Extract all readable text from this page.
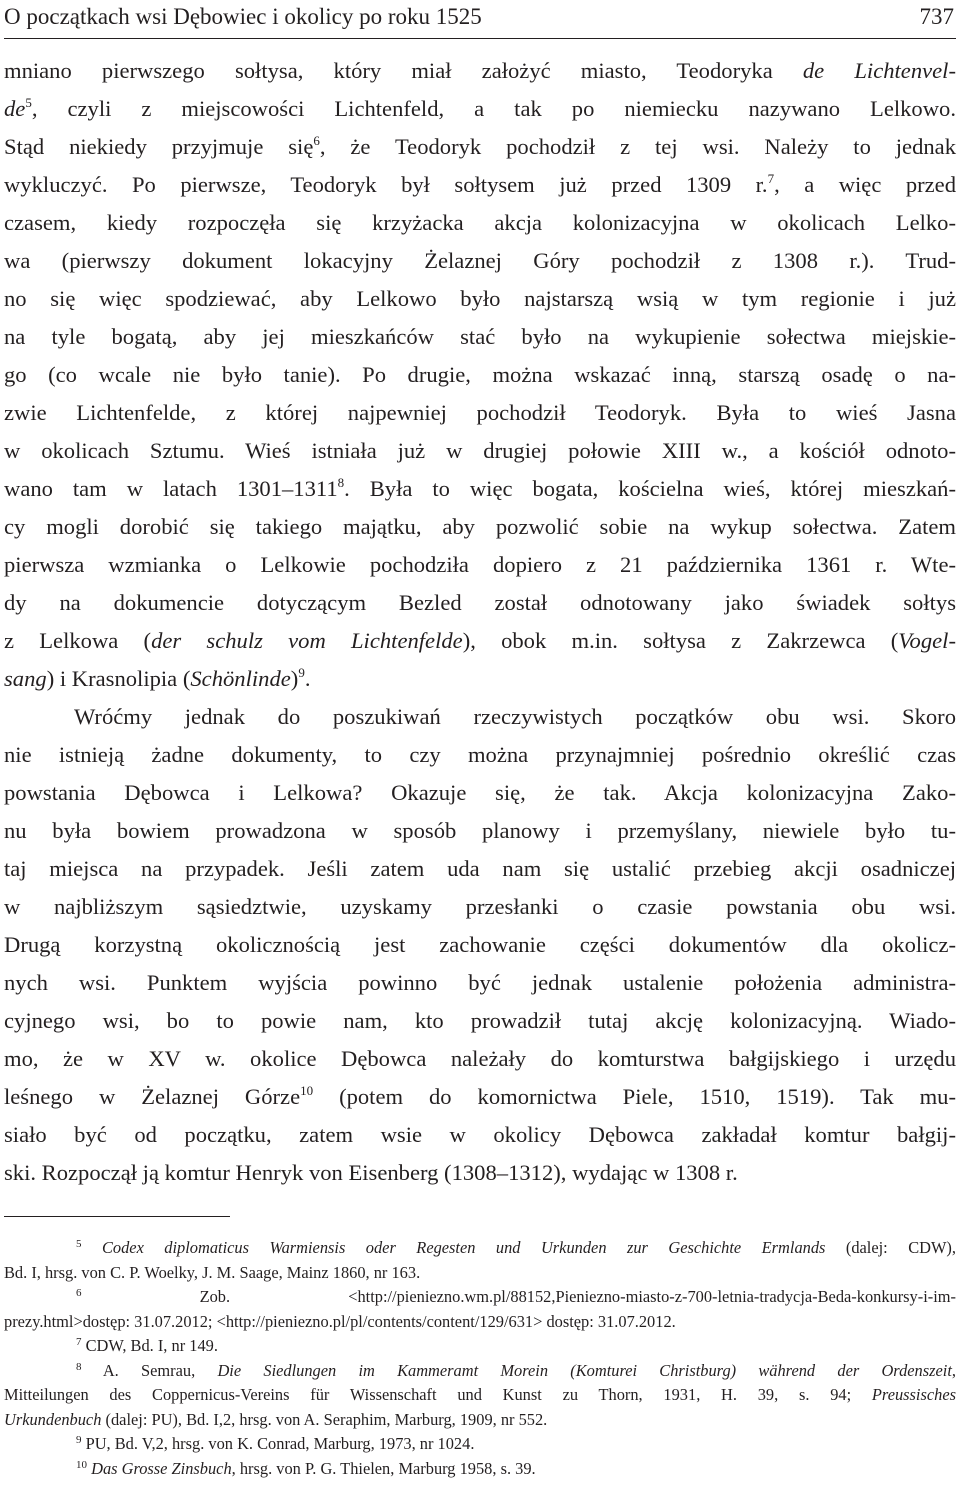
O początkach wsi Dębowiec i okolicy po roku 1525	737
mniano pierwszego sołtysa, który miał założyć miasto, Teodoryka de Lichtenvel-
$de^5$, czyli z miejscowości Lichtenfeld, a tak po niemiecku nazywano Lelkowo.
Stąd niekiedy przyjmuje się$^6$, że Teodoryk pochodził z tej wsi. Należy to jednak
wykluczyć. Po pierwsze, Teodoryk był sołtysem już przed 1309 r.$^7$, a więc przed
czasem, kiedy rozpoczęła się krzyżacka akcja kolonizacyjna w okolicach Lelko-
wa (pierwszy dokument lokacyjny Żelaznej Góry pochodził z 1308 r.). Trud-
no się więc spodziewać, aby Lelkowo było najstarszą wsią w tym regionie i już
na tyle bogatą, aby jej mieszkańców stać było na wykupienie sołectwa miejskie-
go (co wcale nie było tanie). Po drugie, można wskazać inną, starszą osadę o na-
zwie Lichtenfelde, z której najpewniej pochodził Teodoryk. Była to wieś Jasna
w okolicach Sztumu. Wieś istniała już w drugiej połowie XIII w., a kościół odnoto-
wano tam w latach 1301–1311$^8$. Była to więc bogata, kościelna wieś, której mieszkań-
cy mogli dorobić się takiego majątku, aby pozwolić sobie na wykup sołectwa. Zatem
pierwsza wzmianka o Lelkowie pochodziła dopiero z 21 października 1361 r. Wte-
dy na dokumencie dotyczącym Bezled został odnotowany jako świadek sołtys
z Lelkowa (der schulz vom Lichtenfelde), obok m.in. sołtysa z Zakrzewca (Vogel-
sang) i Krasnolipia (Schönlinde)$^9$.
Wróćmy jednak do poszukiwań rzeczywistych początków obu wsi. Skoro
nie istnieją żadne dokumenty, to czy można przynajmniej pośrednio określić czas
powstania Dębowca i Lelkowa? Okazuje się, że tak. Akcja kolonizacyjna Zako-
nu była bowiem prowadzona w sposób planowy i przemyślany, niewiele było tu-
taj miejsca na przypadek. Jeśli zatem uda nam się ustalić przebieg akcji osadniczej
w najbliższym sąsiedztwie, uzyskamy przesłanki o czasie powstania obu wsi.
Drugą korzystną okolicznością jest zachowanie części dokumentów dla okolicz-
nych wsi. Punktem wyjścia powinno być jednak ustalenie położenia administra-
cyjnego wsi, bo to powie nam, kto prowadził tutaj akcję kolonizacyjną. Wiado-
mo, że w XV w. okolice Dębowca należały do komturstwa bałgijskiego i urzędu
leśnego w Żelaznej Górze$^{10}$ (potem do komornictwa Piele, 1510, 1519). Tak mu-
siało być od początku, zatem wsie w okolicy Dębowca zakładał komtur bałgij-
ski. Rozpoczął ją komtur Henryk von Eisenberg (1308–1312), wydając w 1308 r.
$^5$ Codex diplomaticus Warmiensis oder Regesten und Urkunden zur Geschichte Ermlands (dalej: CDW),
Bd. I, hrsg. von C. P. Woelky, J. M. Saage, Mainz 1860, nr 163.
$^6$ Zob. <http://pieniezno.wm.pl/88152,Pieniezno-miasto-z-700-letnia-tradycja-Beda-konkursy-i-im-
prezy.html>dostęp: 31.07.2012; <http://pieniezno.pl/pl/contents/content/129/631> dostęp: 31.07.2012.
$^7$ CDW, Bd. I, nr 149.
$^8$ A. Semrau, Die Siedlungen im Kammeramt Morein (Komturei Christburg) während der Ordenszeit,
Mitteilungen des Coppernicus-Vereins für Wissenschaft und Kunst zu Thorn, 1931, H. 39, s. 94; Preussisches
Urkundenbuch (dalej: PU), Bd. I,2, hrsg. von A. Seraphim, Marburg, 1909, nr 552.
$^9$ PU, Bd. V,2, hrsg. von K. Conrad, Marburg, 1973, nr 1024.
$^{10}$ Das Grosse Zinsbuch, hrsg. von P. G. Thielen, Marburg 1958, s. 39.
